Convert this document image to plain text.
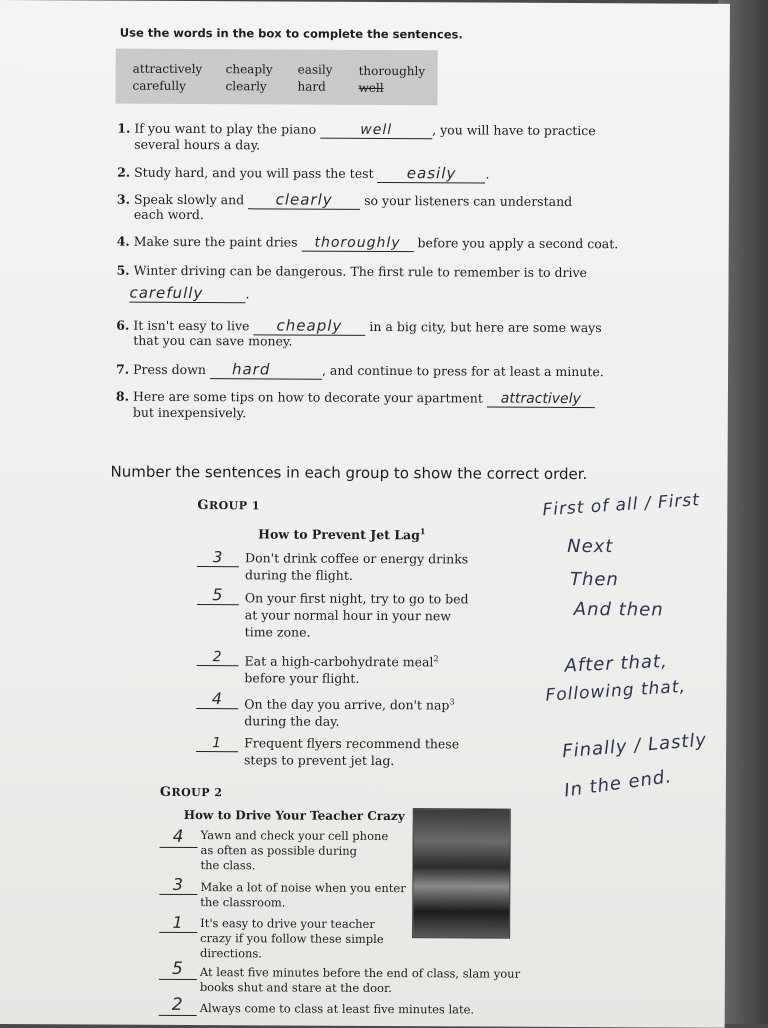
Use the words in the box to complete the sentences.
attractively cheaply easily thoroughly
carefully	clearly	hard	well
1. If you want to play the piano	well	, you will have to practice
several hours a day.
2. Study hard, and you will pass the test easily .
3. Speak slowly and clearly	so your listeners can understand
each word.
4. Make sure the paint dries thoroughly before you apply a second coat.
5. Winter driving can be dangerous. The first rule to remember is to drive
carefully	.
6. It isn't easy to live cheaply in a big city, but here are some ways
that you can save money.
7. Press down hard	, and continue to press for at least a minute.
8. Here are some tips on how to decorate your apartment attractively
but inexpensively.
Number the sentences in each group to show the correct order.
GROUP 1
How to Prevent Jet Lag$^1$
3	Don't drink coffee or energy drinks
during the flight.
5	On your first night, try to go to bed
at your normal hour in your new
time zone.
2	Eat a high-carbohydrate meal$^2$
before your flight.
4	On the day you arrive, don't nap$^3$
during the day.
1	Frequent flyers recommend these
steps to prevent jet lag.
First of all / First
Next
Then
And then
After that,
Following that,
Finally / Lastly
In the end.
GROUP 2
How to Drive Your Teacher Crazy
4	Yawn and check your cell phone
as often as possible during
the class.
3	Make a lot of noise when you enter
the classroom.
1	It's easy to drive your teacher
crazy if you follow these simple
directions.
5	At least five minutes before the end of class, slam your
books shut and stare at the door.
2	Always come to class at least five minutes late.
